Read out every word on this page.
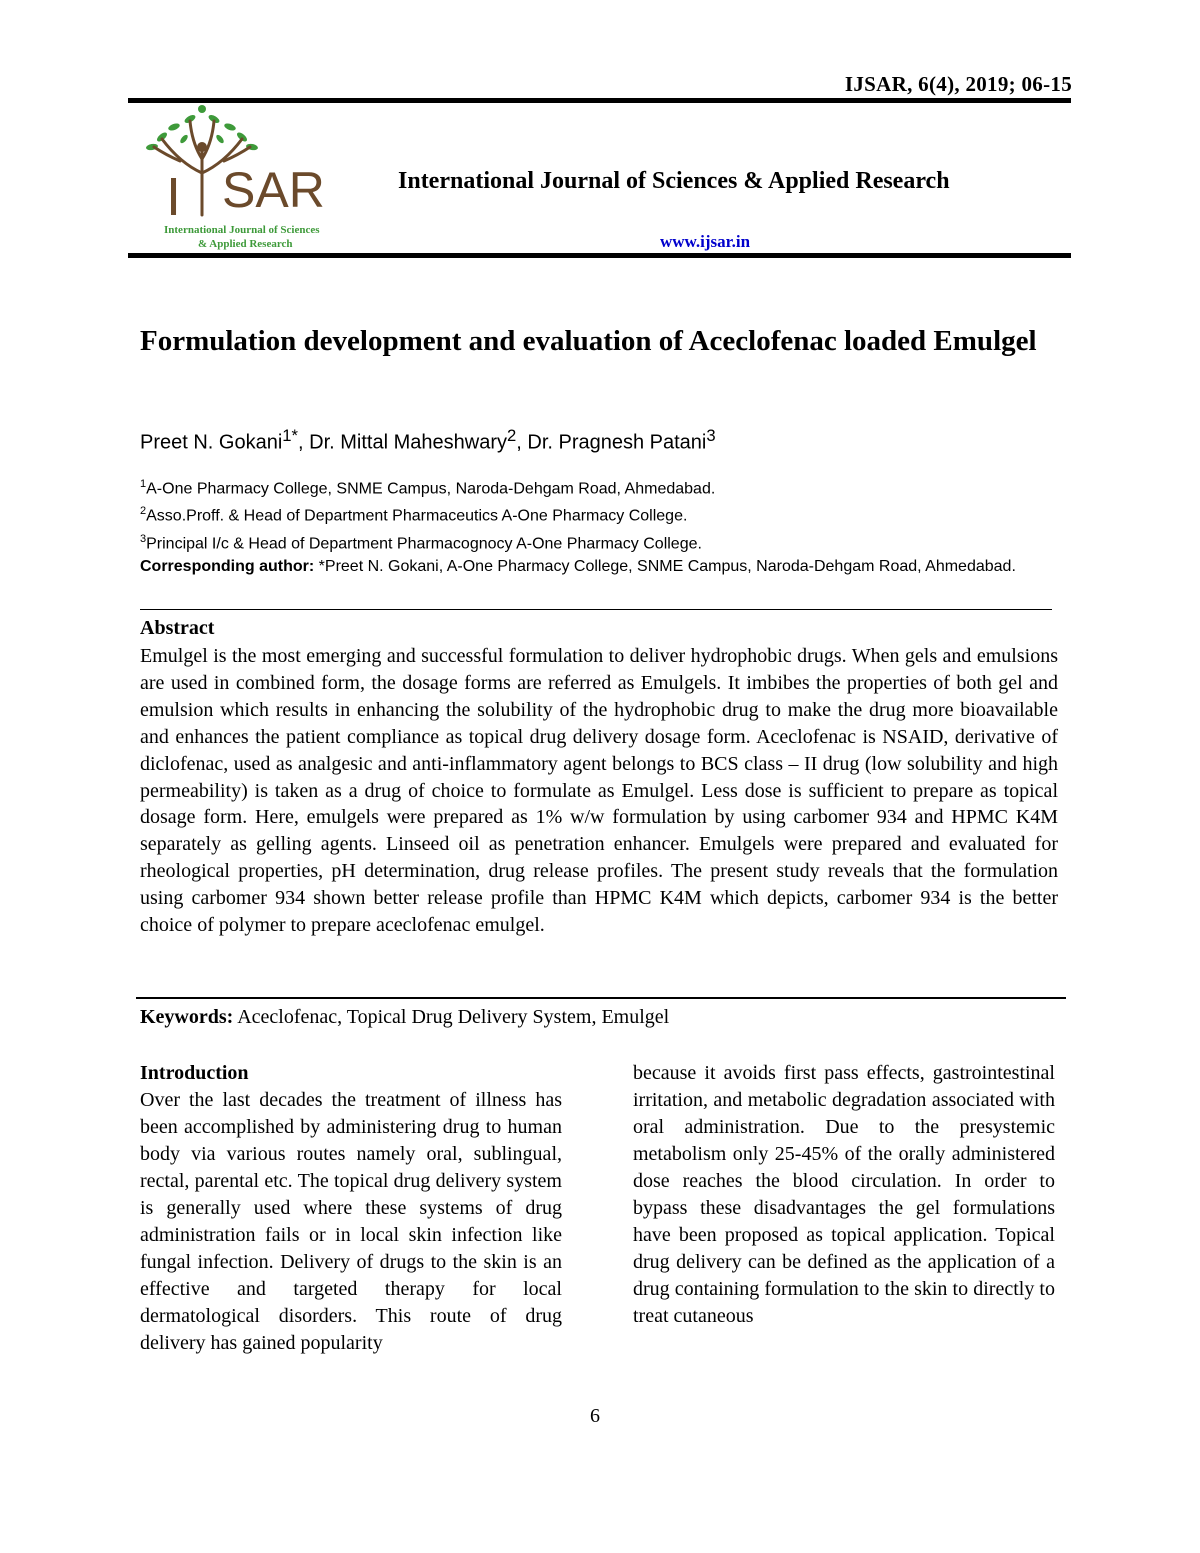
IJSAR, 6(4), 2019; 06-15
I SAR
International Journal of Sciences
& Applied Research
International Journal of Sciences & Applied Research
www.ijsar.in
Formulation development and evaluation of Aceclofenac loaded Emulgel
Preet N. Gokani$^{1*}$, Dr. Mittal Maheshwary$^2$, Dr. Pragnesh Patani$^3$
$^1$A-One Pharmacy College, SNME Campus, Naroda-Dehgam Road, Ahmedabad.
$^2$Asso.Proff. & Head of Department Pharmaceutics A-One Pharmacy College.
$^3$Principal I/c & Head of Department Pharmacognocy A-One Pharmacy College.
Corresponding author: *Preet N. Gokani, A-One Pharmacy College, SNME Campus, Naroda-Dehgam Road, Ahmedabad.
Abstract
Emulgel is the most emerging and successful formulation to deliver hydrophobic drugs. When gels and emulsions are used in combined form, the dosage forms are referred as Emulgels. It imbibes the properties of both gel and emulsion which results in enhancing the solubility of the hydrophobic drug to make the drug more bioavailable and enhances the patient compliance as topical drug delivery dosage form. Aceclofenac is NSAID, derivative of diclofenac, used as analgesic and anti-inflammatory agent belongs to BCS class – II drug (low solubility and high permeability) is taken as a drug of choice to formulate as Emulgel. Less dose is sufficient to prepare as topical dosage form. Here, emulgels were prepared as 1% w/w formulation by using carbomer 934 and HPMC K4M separately as gelling agents. Linseed oil as penetration enhancer. Emulgels were prepared and evaluated for rheological properties, pH determination, drug release profiles. The present study reveals that the formulation using carbomer 934 shown better release profile than HPMC K4M which depicts, carbomer 934 is the better choice of polymer to prepare aceclofenac emulgel.
Keywords: Aceclofenac, Topical Drug Delivery System, Emulgel
Introduction
Over the last decades the treatment of illness has been accomplished by administering drug to human body via various routes namely oral, sublingual, rectal, parental etc. The topical drug delivery system is generally used where these systems of drug administration fails or in local skin infection like fungal infection. Delivery of drugs to the skin is an effective and targeted therapy for local dermatological disorders. This route of drug delivery has gained popularity
because it avoids first pass effects, gastrointestinal irritation, and metabolic degradation associated with oral administration. Due to the presystemic metabolism only 25-45% of the orally administered dose reaches the blood circulation. In order to bypass these disadvantages the gel formulations have been proposed as topical application. Topical drug delivery can be defined as the application of a drug containing formulation to the skin to directly to treat cutaneous
6
